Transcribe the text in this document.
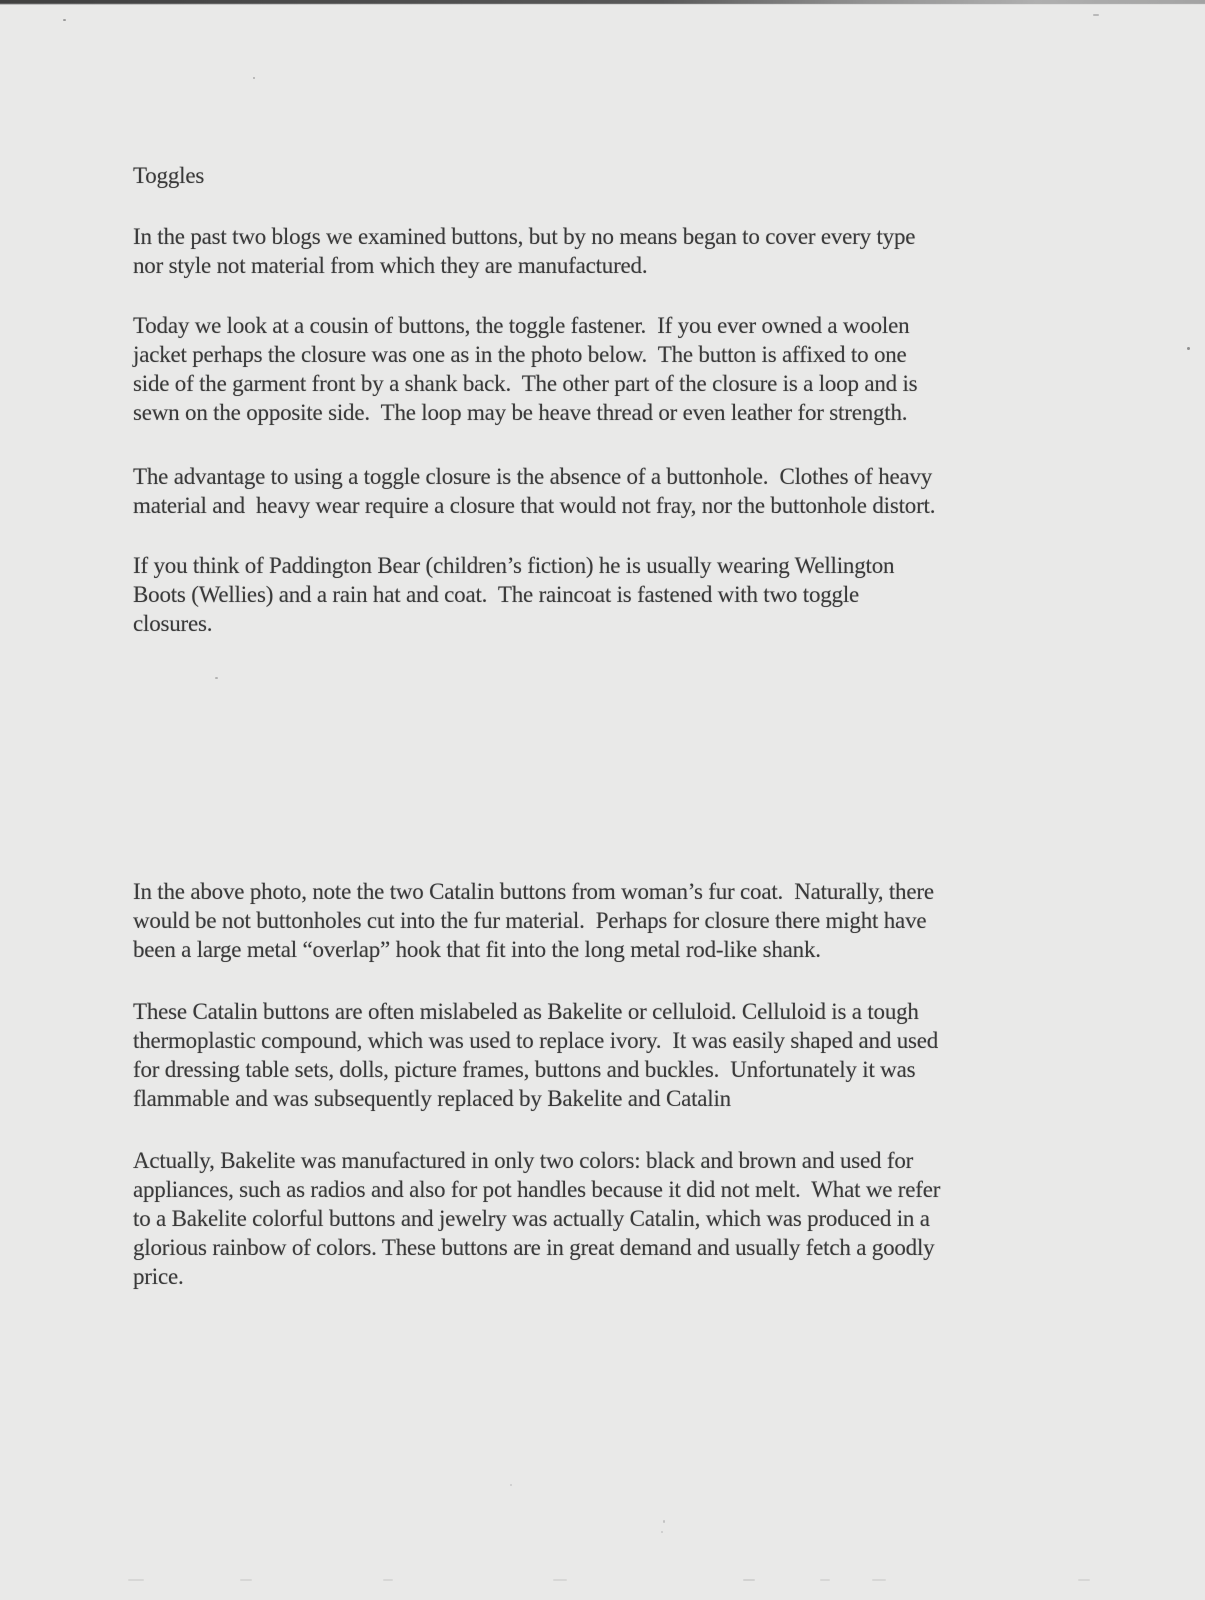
Toggles
In the past two blogs we examined buttons, but by no means began to cover every type
nor style not material from which they are manufactured.
Today we look at a cousin of buttons, the toggle fastener.  If you ever owned a woolen
jacket perhaps the closure was one as in the photo below.  The button is affixed to one
side of the garment front by a shank back.  The other part of the closure is a loop and is
sewn on the opposite side.  The loop may be heave thread or even leather for strength.
The advantage to using a toggle closure is the absence of a buttonhole.  Clothes of heavy
material and  heavy wear require a closure that would not fray, nor the buttonhole distort.
If you think of Paddington Bear (children’s fiction) he is usually wearing Wellington
Boots (Wellies) and a rain hat and coat.  The raincoat is fastened with two toggle
closures.
In the above photo, note the two Catalin buttons from woman’s fur coat.  Naturally, there
would be not buttonholes cut into the fur material.  Perhaps for closure there might have
been a large metal “overlap” hook that fit into the long metal rod-like shank.
These Catalin buttons are often mislabeled as Bakelite or celluloid. Celluloid is a tough
thermoplastic compound, which was used to replace ivory.  It was easily shaped and used
for dressing table sets, dolls, picture frames, buttons and buckles.  Unfortunately it was
flammable and was subsequently replaced by Bakelite and Catalin
Actually, Bakelite was manufactured in only two colors: black and brown and used for
appliances, such as radios and also for pot handles because it did not melt.  What we refer
to a Bakelite colorful buttons and jewelry was actually Catalin, which was produced in a
glorious rainbow of colors. These buttons are in great demand and usually fetch a goodly
price.
